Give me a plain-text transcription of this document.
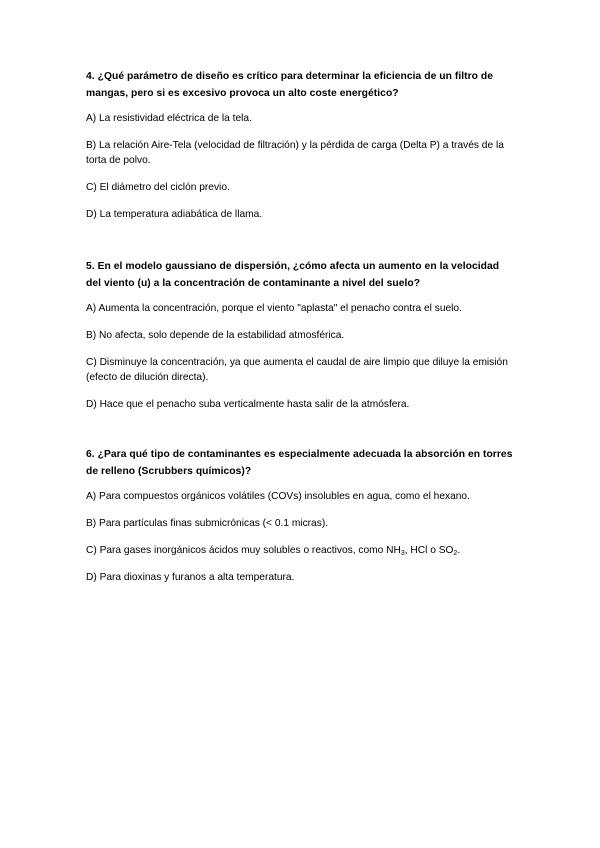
4. ¿Qué parámetro de diseño es crítico para determinar la eficiencia de un filtro de mangas, pero si es excesivo provoca un alto coste energético?

A) La resistividad eléctrica de la tela.

B) La relación Aire-Tela (velocidad de filtración) y la pérdida de carga (Delta P) a través de la torta de polvo.

C) El diámetro del ciclón previo.

D) La temperatura adiabática de llama.

5. En el modelo gaussiano de dispersión, ¿cómo afecta un aumento en la velocidad del viento (u) a la concentración de contaminante a nivel del suelo?

A) Aumenta la concentración, porque el viento "aplasta" el penacho contra el suelo.

B) No afecta, solo depende de la estabilidad atmosférica.

C) Disminuye la concentración, ya que aumenta el caudal de aire limpio que diluye la emisión (efecto de dilución directa).

D) Hace que el penacho suba verticalmente hasta salir de la atmósfera.

6. ¿Para qué tipo de contaminantes es especialmente adecuada la absorción en torres de relleno (Scrubbers químicos)?

A) Para compuestos orgánicos volátiles (COVs) insolubles en agua, como el hexano.

B) Para partículas finas submicrónicas (< 0.1 micras).

C) Para gases inorgánicos ácidos muy solubles o reactivos, como $NH_3$, HCl o $SO_2$.

D) Para dioxinas y furanos a alta temperatura.
